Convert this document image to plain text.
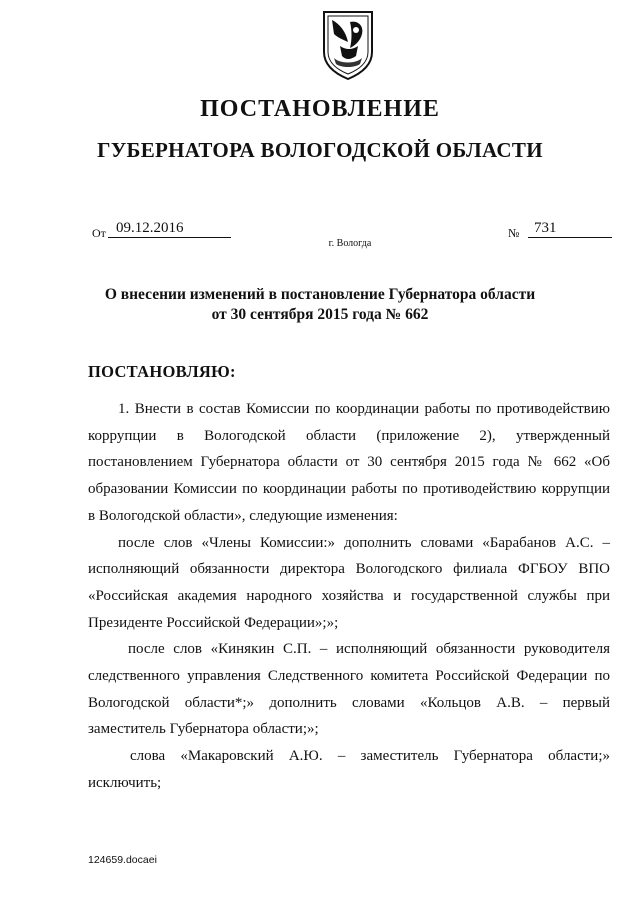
ПОСТАНОВЛЕНИЕ
ГУБЕРНАТОРА ВОЛОГОДСКОЙ ОБЛАСТИ
От 09.12.2016	№ 731
г. Вологда
О внесении изменений в постановление Губернатора области
от 30 сентября 2015 года № 662
ПОСТАНОВЛЯЮ:

1. Внести в состав Комиссии по координации работы по противодействию коррупции в Вологодской области (приложение 2), утвержденный постановлением Губернатора области от 30 сентября 2015 года № 662 «Об образовании Комиссии по координации работы по противодействию коррупции в Вологодской области», следующие изменения:

после слов «Члены Комиссии:» дополнить словами «Барабанов А.С. – исполняющий обязанности директора Вологодского филиала ФГБОУ ВПО «Российская академия народного хозяйства и государственной службы при Президенте Российской Федерации»;»;

после слов «Кинякин С.П. – исполняющий обязанности руководителя следственного управления Следственного комитета Российской Федерации по Вологодской области*;» дополнить словами «Кольцов А.В. – первый заместитель Губернатора области;»;

слова «Макаровский А.Ю. – заместитель Губернатора области;» исключить;

124659.docaei
